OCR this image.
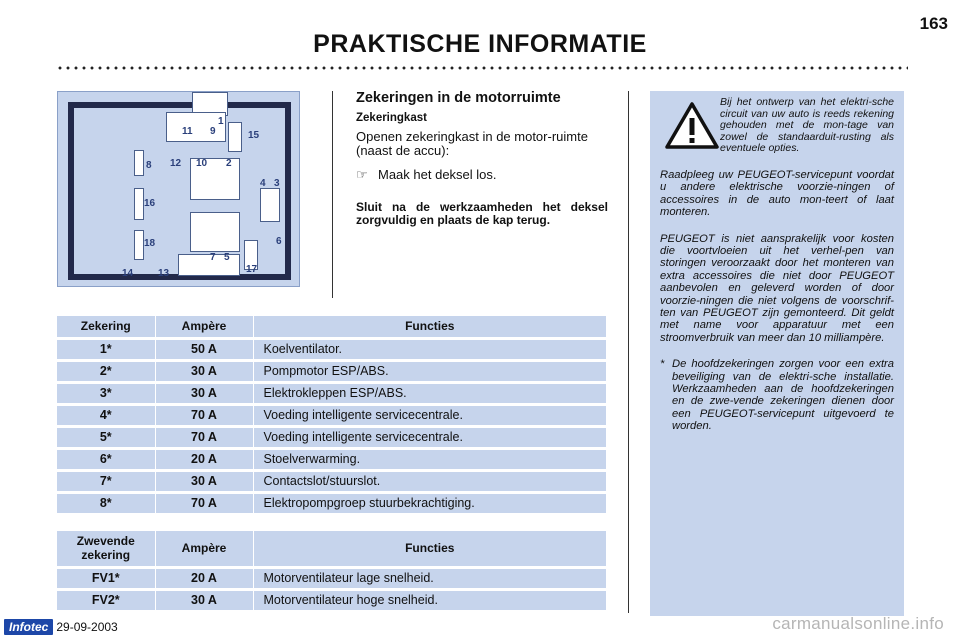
163
PRAKTISCHE INFORMATIE
1
2
3
4
5
6
7
8
9
10
11
12
13
14
15
16
17
18
Zekeringen in de motorruimte
Zekeringkast

Openen zekeringkast in de motor-ruimte (naast de accu):

☞ Maak het deksel los.
Sluit na de werkzaamheden het deksel zorgvuldig en plaats de kap terug.
Zekering	Ampère	Functies
1*	50 A	Koelventilator.
2*	30 A	Pompmotor ESP/ABS.
3*	30 A	Elektrokleppen ESP/ABS.
4*	70 A	Voeding intelligente servicecentrale.
5*	70 A	Voeding intelligente servicecentrale.
6*	20 A	Stoelverwarming.
7*	30 A	Contactslot/stuurslot.
8*	70 A	Elektropompgroep stuurbekrachtiging.
Zwevende zekering	Ampère	Functies
FV1*	20 A	Motorventilateur lage snelheid.
FV2*	30 A	Motorventilateur hoge snelheid.
Bij het ontwerp van het elektri-sche circuit van uw auto is reeds rekening gehouden met de mon-tage van zowel de standaarduit-rusting als eventuele opties.

Raadpleeg uw PEUGEOT-servicepunt voordat u andere elektrische voorzie-ningen of accessoires in de auto mon-teert of laat monteren.

PEUGEOT is niet aansprakelijk voor kosten die voortvloeien uit het verhel-pen van storingen veroorzaakt door het monteren van extra accessoires die niet door PEUGEOT aanbevolen en geleverd worden of door voorzie-ningen die niet volgens de voorschrif-ten van PEUGEOT zijn gemonteerd. Dit geldt met name voor apparatuur met een stroomverbruik van meer dan 10 milliampère.

* De hoofdzekeringen zorgen voor een extra beveiliging van de elektri-sche installatie. Werkzaamheden aan de hoofdzekeringen en de zwe-vende zekeringen dienen door een PEUGEOT-servicepunt uitgevoerd te worden.
Infotec 29-09-2003	carmanualsonline.info
